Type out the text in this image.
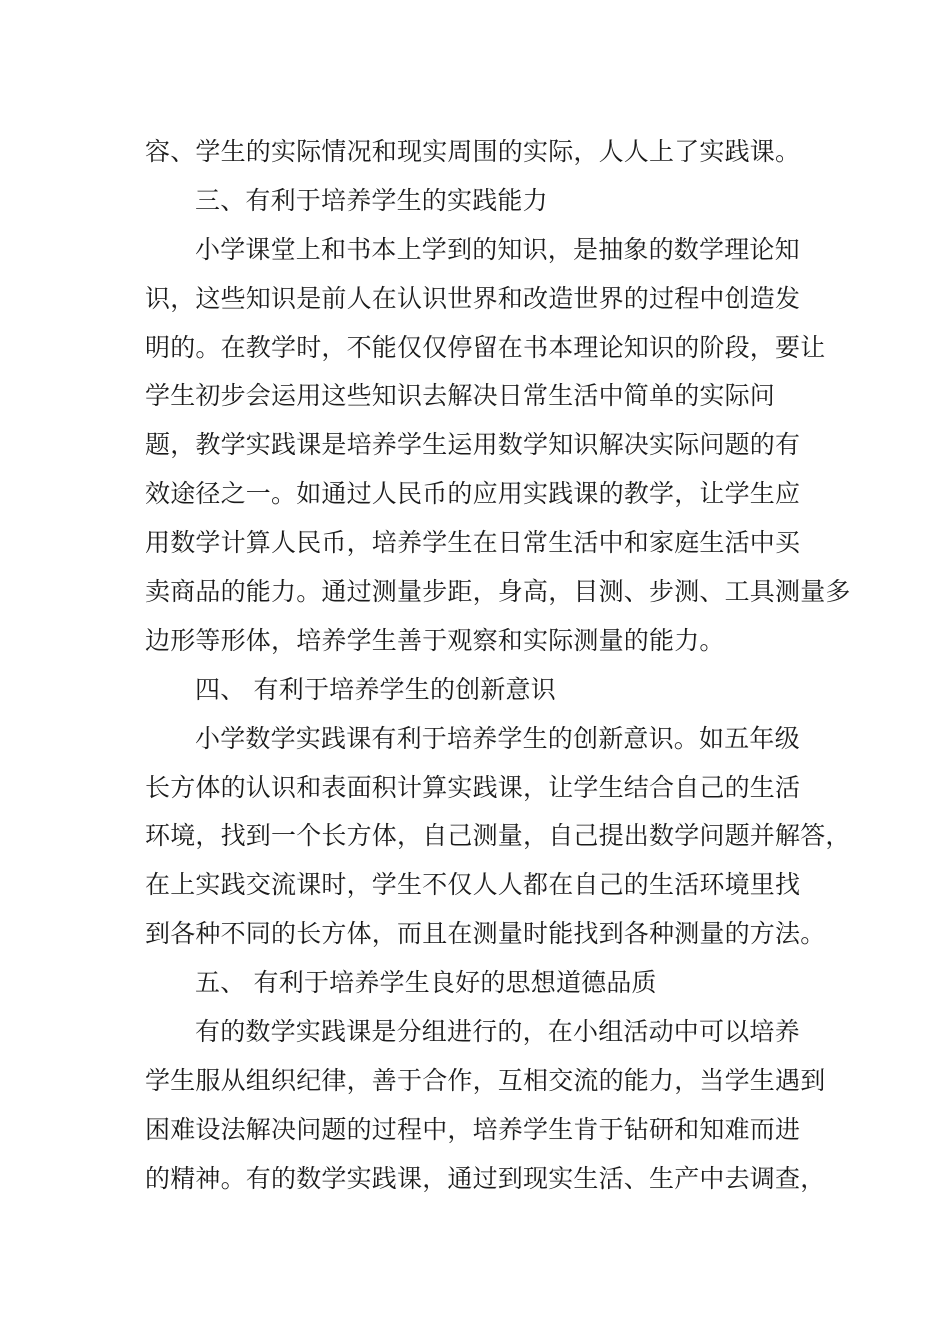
容、学生的实际情况和现实周围的实际，人人上了实践课。
三、有利于培养学生的实践能力
小学课堂上和书本上学到的知识，是抽象的数学理论知
识，这些知识是前人在认识世界和改造世界的过程中创造发
明的。在教学时，不能仅仅停留在书本理论知识的阶段，要让
学生初步会运用这些知识去解决日常生活中简单的实际问
题，教学实践课是培养学生运用数学知识解决实际问题的有
效途径之一。如通过人民币的应用实践课的教学，让学生应
用数学计算人民币，培养学生在日常生活中和家庭生活中买
卖商品的能力。通过测量步距，身高，目测、步测、工具测量多
边形等形体，培养学生善于观察和实际测量的能力。
四、 有利于培养学生的创新意识
小学数学实践课有利于培养学生的创新意识。如五年级
长方体的认识和表面积计算实践课，让学生结合自己的生活
环境，找到一个长方体，自己测量，自己提出数学问题并解答，
在上实践交流课时，学生不仅人人都在自己的生活环境里找
到各种不同的长方体，而且在测量时能找到各种测量的方法。
五、 有利于培养学生良好的思想道德品质
有的数学实践课是分组进行的，在小组活动中可以培养
学生服从组织纪律，善于合作，互相交流的能力，当学生遇到
困难设法解决问题的过程中，培养学生肯于钻研和知难而进
的精神。有的数学实践课，通过到现实生活、生产中去调查，
